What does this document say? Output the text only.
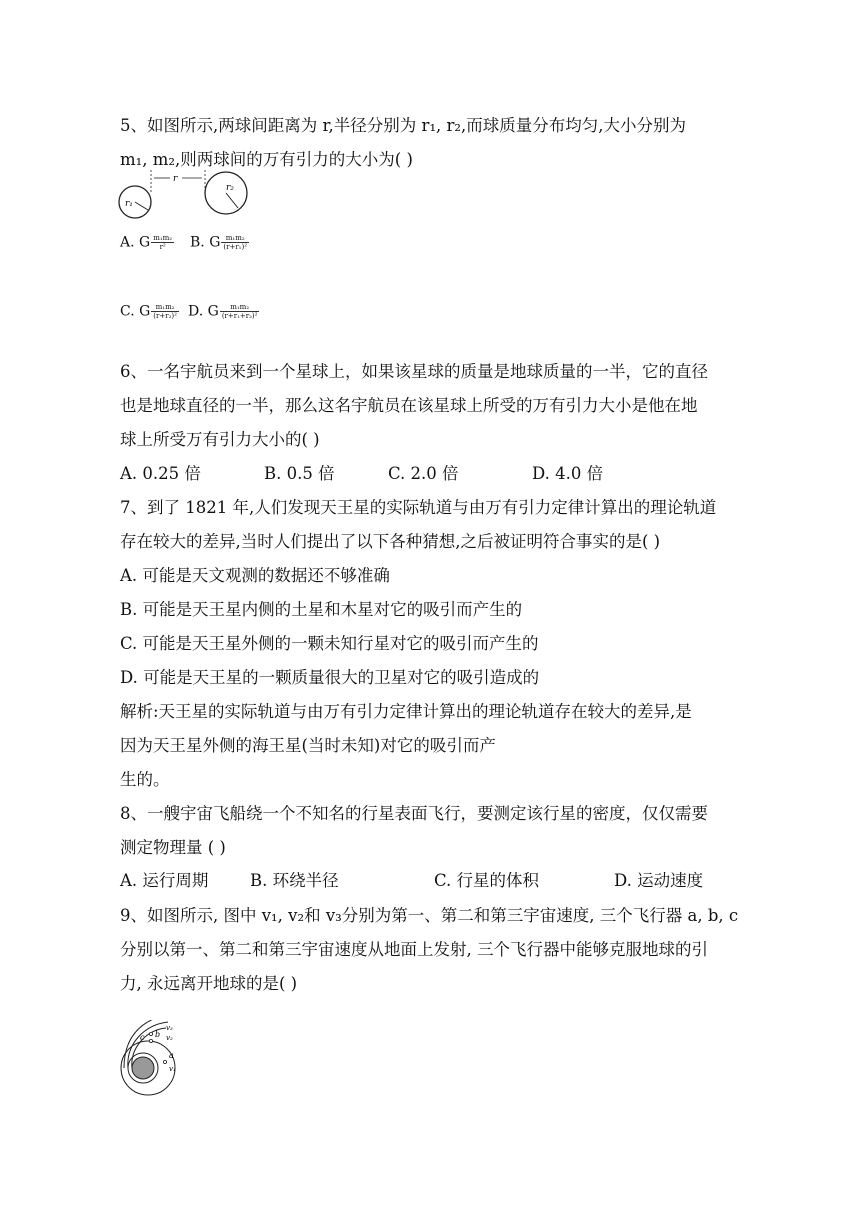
5、如图所示,两球间距离为 r,半径分别为 r₁, r₂,而球质量分布均匀,大小分别为
m₁, m₂,则两球间的万有引力的大小为( )
r₁
r
r₂
A. G $\frac{\text{m₁m₂}}{\text{r²}} B$. G $\frac{\text{m₁m₂}}{\text{(r+r₁)²}}$
C. G $\frac{\text{m₁m₂}}{\text{(r+r₂)²}} D$. G $\frac{\text{m₁m₂}}{\text{(r+r₁+r₂)²}}$
6、一名宇航员来到一个星球上，如果该星球的质量是地球质量的一半，它的直径
也是地球直径的一半，那么这名宇航员在该星球上所受的万有引力大小是他在地
球上所受万有引力大小的( )
A. 0.25 倍	B. 0.5 倍	C. 2.0 倍	D. 4.0 倍
7、到了 1821 年,人们发现天王星的实际轨道与由万有引力定律计算出的理论轨道
存在较大的差异,当时人们提出了以下各种猜想,之后被证明符合事实的是( )
A. 可能是天文观测的数据还不够准确
B. 可能是天王星内侧的土星和木星对它的吸引而产生的
C. 可能是天王星外侧的一颗未知行星对它的吸引而产生的
D. 可能是天王星的一颗质量很大的卫星对它的吸引造成的
解析:天王星的实际轨道与由万有引力定律计算出的理论轨道存在较大的差异,是
因为天王星外侧的海王星(当时未知)对它的吸引而产
生的。
8、一艘宇宙飞船绕一个不知名的行星表面飞行，要测定该行星的密度，仅仅需要
测定物理量 ( )
A. 运行周期	B. 环绕半径	C. 行星的体积	D. 运动速度
9、如图所示, 图中 v₁, v₂和 v₃分别为第一、第二和第三宇宙速度, 三个飞行器 a, b, c
分别以第一、第二和第三宇宙速度从地面上发射, 三个飞行器中能够克服地球的引
力, 永远离开地球的是( )
c b
a
v₃
v₂
v₁
